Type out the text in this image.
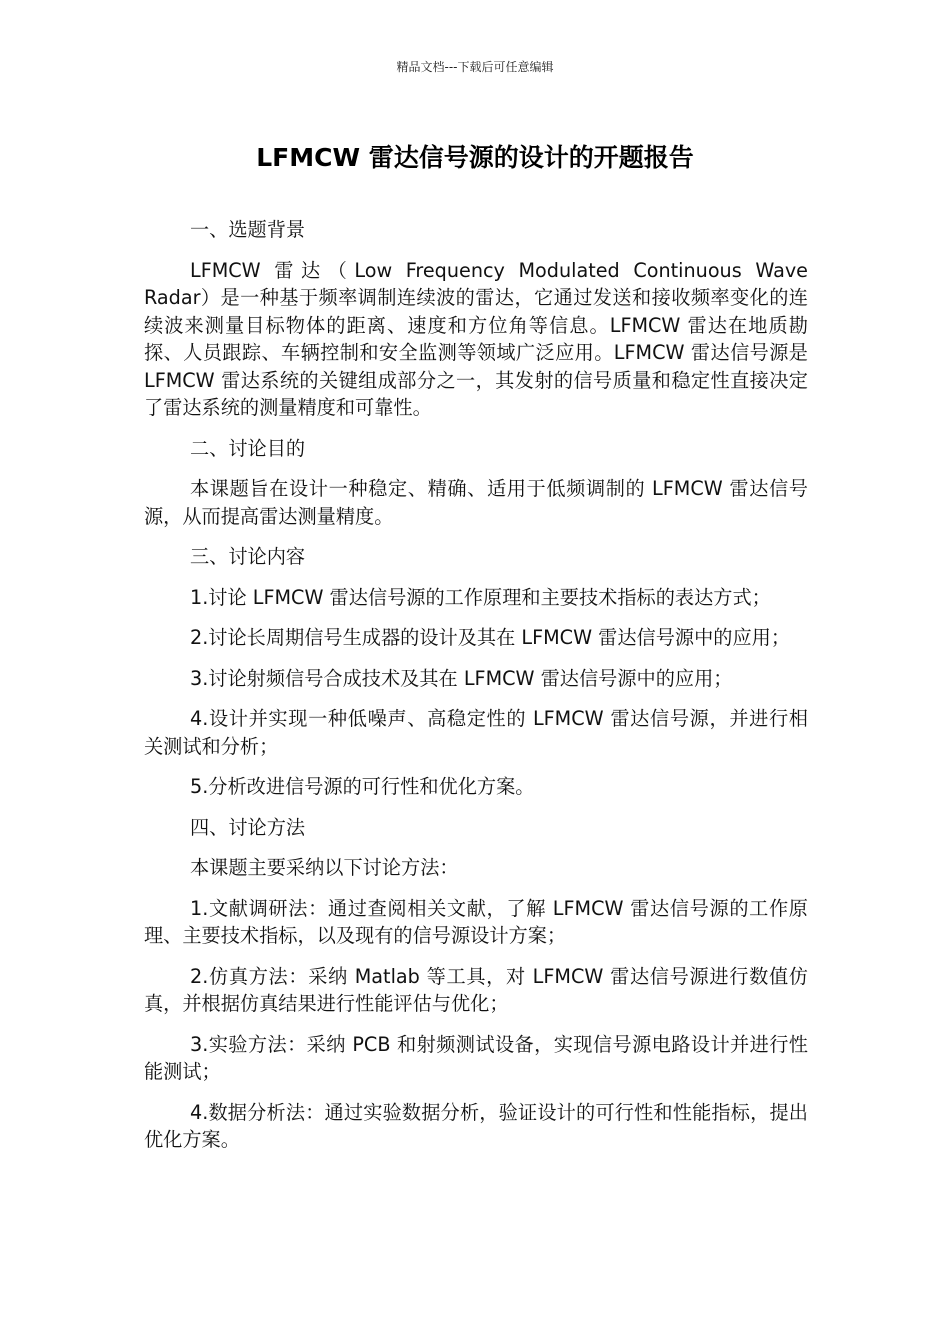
精品文档---下载后可任意编辑
LFMCW 雷达信号源的设计的开题报告

一、选题背景

LFMCW 雷达（Low Frequency Modulated Continuous Wave Radar）是一种基于频率调制连续波的雷达，它通过发送和接收频率变化的连续波来测量目标物体的距离、速度和方位角等信息。LFMCW 雷达在地质勘探、人员跟踪、车辆控制和安全监测等领域广泛应用。LFMCW 雷达信号源是 LFMCW 雷达系统的关键组成部分之一，其发射的信号质量和稳定性直接决定了雷达系统的测量精度和可靠性。

二、讨论目的

本课题旨在设计一种稳定、精确、适用于低频调制的 LFMCW 雷达信号源，从而提高雷达测量精度。

三、讨论内容

1.讨论 LFMCW 雷达信号源的工作原理和主要技术指标的表达方式；

2.讨论长周期信号生成器的设计及其在 LFMCW 雷达信号源中的应用；

3.讨论射频信号合成技术及其在 LFMCW 雷达信号源中的应用；

4.设计并实现一种低噪声、高稳定性的 LFMCW 雷达信号源，并进行相关测试和分析；

5.分析改进信号源的可行性和优化方案。

四、讨论方法

本课题主要采纳以下讨论方法：

1.文献调研法：通过查阅相关文献，了解 LFMCW 雷达信号源的工作原理、主要技术指标，以及现有的信号源设计方案；

2.仿真方法：采纳 Matlab 等工具，对 LFMCW 雷达信号源进行数值仿真，并根据仿真结果进行性能评估与优化；

3.实验方法：采纳 PCB 和射频测试设备，实现信号源电路设计并进行性能测试；

4.数据分析法：通过实验数据分析，验证设计的可行性和性能指标，提出优化方案。
